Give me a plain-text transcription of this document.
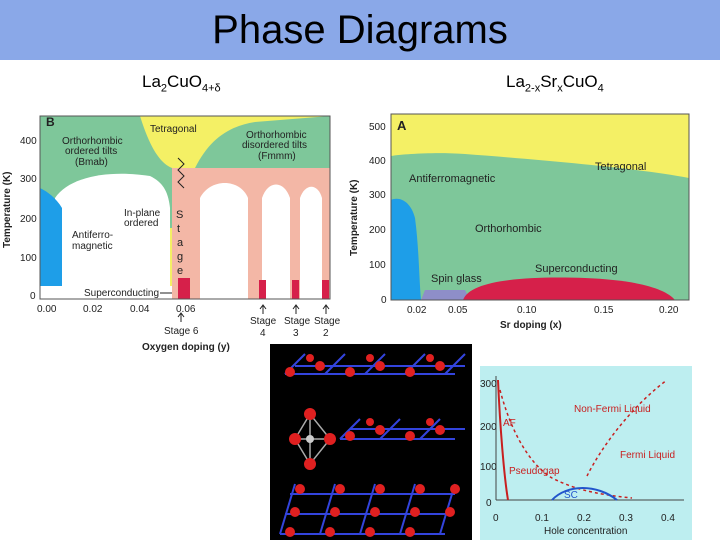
Phase Diagrams
$La_2CuO_{4+\delta}$	$La_{2-x}Sr_xCuO_4$
B
Tetragonal
Orthorhombic
ordered tilts
(Bmab)
Orthorhombic
disordered tilts
(Fmmm)
In-plane
ordered
Antiferro-
magnetic
S
t
a
g
e
Superconducting
400
300
200
100
0
0.00	0.02	0.04	0.06
Temperature (K)
Oxygen doping (y)
Stage 6
Stage
4
Stage
3
Stage
2
A
Tetragonal
Antiferromagnetic
Orthorhombic
Spin glass
Superconducting
500
400
300
200
100
0
0.02 0.05	0.10	0.15	0.20
Temperature (K)
Sr doping (x)
300
200
100
0
0	0.1	0.2	0.3	0.4
Hole concentration
AF
Non-Fermi Liquid
Fermi Liquid
Pseudogap
SC
